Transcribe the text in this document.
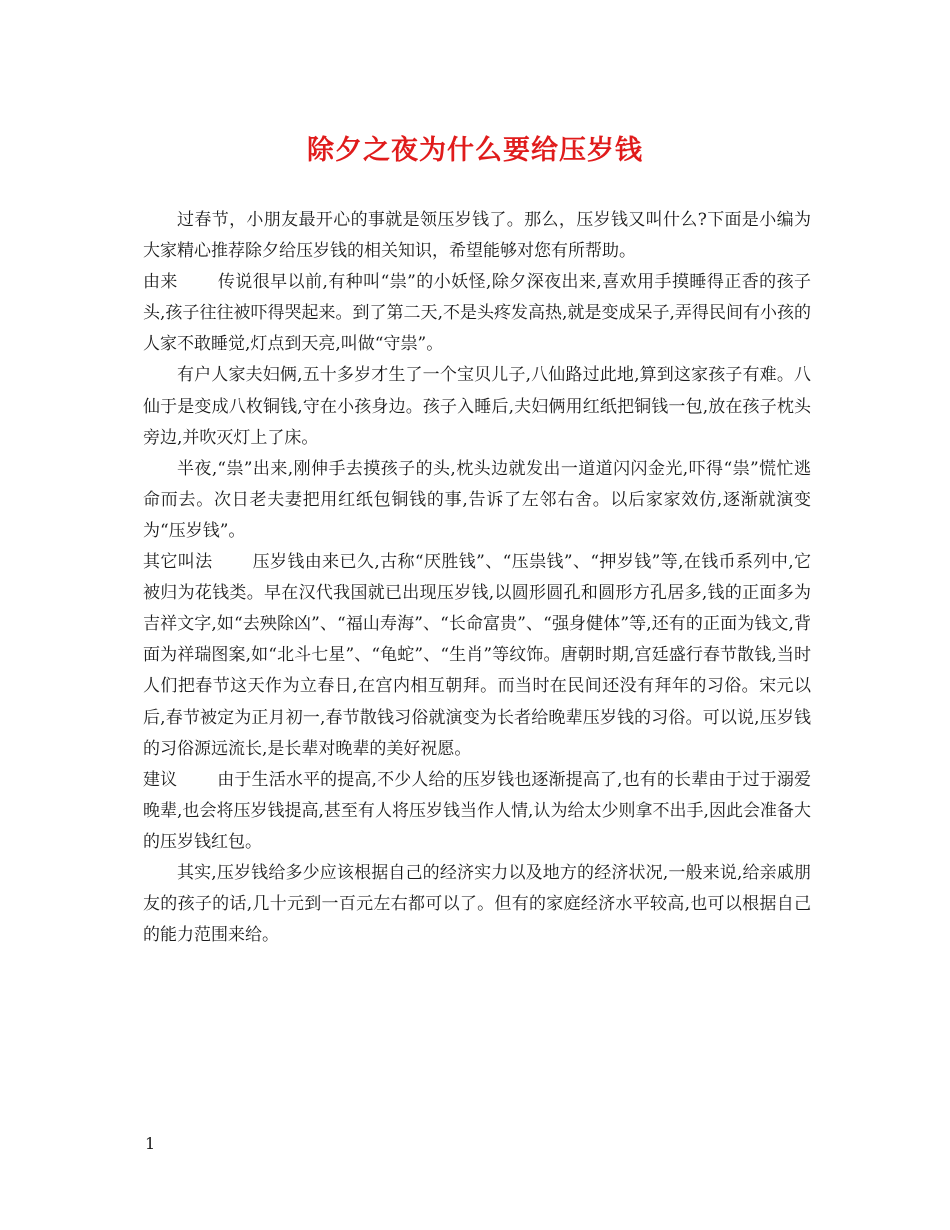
除夕之夜为什么要给压岁钱

过春节，小朋友最开心的事就是领压岁钱了。那么，压岁钱又叫什么?下面是小编为大家精心推荐除夕给压岁钱的相关知识，希望能够对您有所帮助。

由来 传说很早以前,有种叫“祟”的小妖怪,除夕深夜出来,喜欢用手摸睡得正香的孩子头,孩子往往被吓得哭起来。到了第二天,不是头疼发高热,就是变成呆子,弄得民间有小孩的人家不敢睡觉,灯点到天亮,叫做“守祟”。

有户人家夫妇俩,五十多岁才生了一个宝贝儿子,八仙路过此地,算到这家孩子有难。八仙于是变成八枚铜钱,守在小孩身边。孩子入睡后,夫妇俩用红纸把铜钱一包,放在孩子枕头旁边,并吹灭灯上了床。

半夜,“祟”出来,刚伸手去摸孩子的头,枕头边就发出一道道闪闪金光,吓得“祟”慌忙逃命而去。次日老夫妻把用红纸包铜钱的事,告诉了左邻右舍。以后家家效仿,逐渐就演变为“压岁钱”。

其它叫法 压岁钱由来已久,古称“厌胜钱”、“压祟钱”、“押岁钱”等,在钱币系列中,它被归为花钱类。早在汉代我国就已出现压岁钱,以圆形圆孔和圆形方孔居多,钱的正面多为吉祥文字,如“去殃除凶”、“福山寿海”、“长命富贵”、“强身健体”等,还有的正面为钱文,背面为祥瑞图案,如“北斗七星”、“龟蛇”、“生肖”等纹饰。唐朝时期,宫廷盛行春节散钱,当时人们把春节这天作为立春日,在宫内相互朝拜。而当时在民间还没有拜年的习俗。宋元以后,春节被定为正月初一,春节散钱习俗就演变为长者给晚辈压岁钱的习俗。可以说,压岁钱的习俗源远流长,是长辈对晚辈的美好祝愿。

建议 由于生活水平的提高,不少人给的压岁钱也逐渐提高了,也有的长辈由于过于溺爱晚辈,也会将压岁钱提高,甚至有人将压岁钱当作人情,认为给太少则拿不出手,因此会准备大的压岁钱红包。

其实,压岁钱给多少应该根据自己的经济实力以及地方的经济状况,一般来说,给亲戚朋友的孩子的话,几十元到一百元左右都可以了。但有的家庭经济水平较高,也可以根据自己的能力范围来给。

1
